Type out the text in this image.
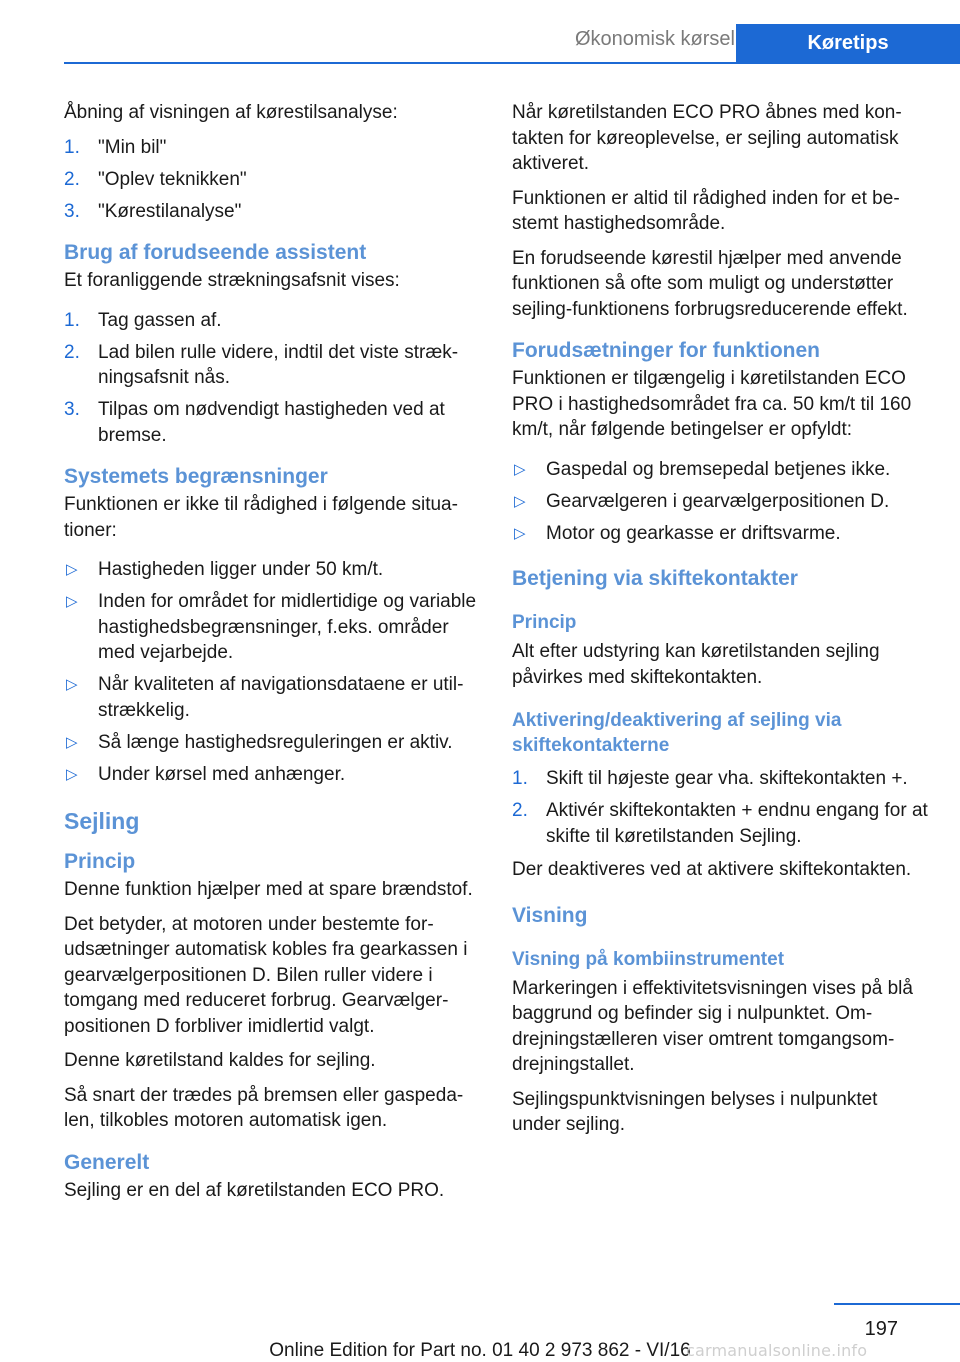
Økonomisk kørsel	Køretips

Åbning af visningen af kørestilsanalyse:

1. "Min bil"
2. "Oplev teknikken"
3. "Kørestilanalyse"
Brug af forudseende assistent

Et foranliggende strækningsafsnit vises:

1. Tag gassen af.
2. Lad bilen rulle videre, indtil det viste strækningsafsnit nås.
3. Tilpas om nødvendigt hastigheden ved at bremse.
Systemets begrænsninger

Funktionen er ikke til rådighed i følgende situationer:

▷ Hastigheden ligger under 50 km/t.
▷ Inden for området for midlertidige og variable hastighedsbegrænsninger, f.eks. områder med vejarbejde.
▷ Når kvaliteten af navigationsdataene er utilstrækkelig.
▷ Så længe hastighedsreguleringen er aktiv.
▷ Under kørsel med anhænger.
Sejling
Princip

Denne funktion hjælper med at spare brændstof.

Det betyder, at motoren under bestemte forudsætninger automatisk kobles fra gearkassen i gearvælgerpositionen D. Bilen ruller videre i tomgang med reduceret forbrug. Gearvælgerpositionen D forbliver imidlertid valgt.

Denne køretilstand kaldes for sejling.

Så snart der trædes på bremsen eller gaspedalen, tilkobles motoren automatisk igen.

Generelt

Sejling er en del af køretilstanden ECO PRO.

Når køretilstanden ECO PRO åbnes med kontakten for køreoplevelse, er sejling automatisk aktiveret.

Funktionen er altid til rådighed inden for et bestemt hastighedsområde.

En forudseende kørestil hjælper med anvende funktionen så ofte som muligt og understøtter sejling-funktionens forbrugsreducerende effekt.

Forudsætninger for funktionen

Funktionen er tilgængelig i køretilstanden ECO PRO i hastighedsområdet fra ca. 50 km/t til 160 km/t, når følgende betingelser er opfyldt:

▷ Gaspedal og bremsepedal betjenes ikke.
▷ Gearvælgeren i gearvælgerpositionen D.
▷ Motor og gearkasse er driftsvarme.
Betjening via skiftekontakter
Princip

Alt efter udstyring kan køretilstanden sejling påvirkes med skiftekontakten.

Aktivering/deaktivering af sejling via skiftekontakterne
1. Skift til højeste gear vha. skiftekontakten +.
2. Aktivér skiftekontakten + endnu engang for at skifte til køretilstanden Sejling.

Der deaktiveres ved at aktivere skiftekontakten.

Visning
Visning på kombiinstrumentet

Markeringen i effektivitetsvisningen vises på blå baggrund og befinder sig i nulpunktet. Omdrejningstælleren viser omtrent tomgangsomdrejningstallet.

Sejlingspunktvisningen belyses i nulpunktet under sejling.

197
Online Edition for Part no. 01 40 2 973 862 - VI/16
carmanualsonline.info
